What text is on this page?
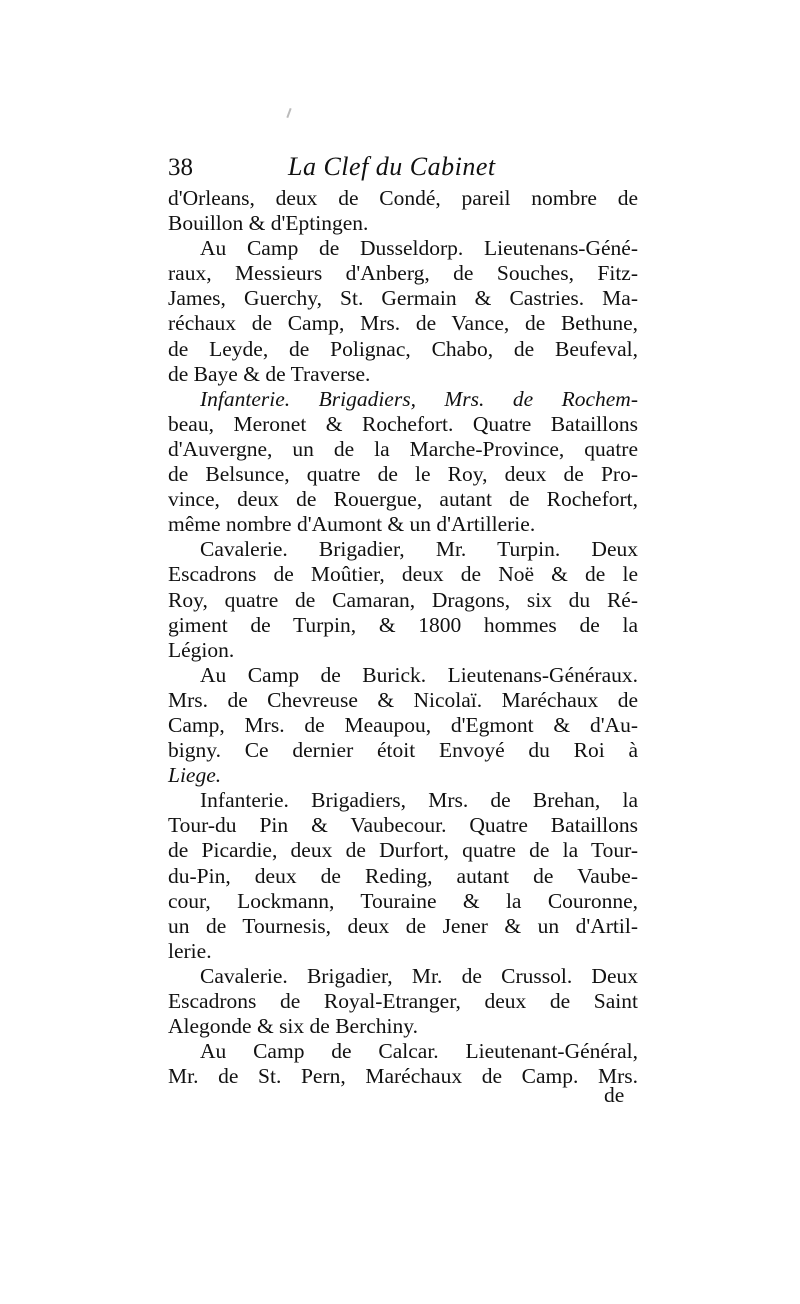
38	La Clef du Cabinet
d'Orleans, deux de Condé, pareil nombre de
Bouillon & d'Eptingen.
Au Camp de Dusseldorp. Lieutenans-Géné-
raux, Messieurs d'Anberg, de Souches, Fitz-
James, Guerchy, St. Germain & Castries. Ma-
réchaux de Camp, Mrs. de Vance, de Bethune,
de Leyde, de Polignac, Chabo, de Beufeval,
de Baye & de Traverse.
Infanterie. Brigadiers, Mrs. de Rochem-
beau, Meronet & Rochefort. Quatre Bataillons
d'Auvergne, un de la Marche-Province, quatre
de Belsunce, quatre de le Roy, deux de Pro-
vince, deux de Rouergue, autant de Rochefort,
même nombre d'Aumont & un d'Artillerie.
Cavalerie. Brigadier, Mr. Turpin. Deux
Escadrons de Moûtier, deux de Noë & de le
Roy, quatre de Camaran, Dragons, six du Ré-
giment de Turpin, & 1800 hommes de la
Légion.
Au Camp de Burick. Lieutenans-Généraux.
Mrs. de Chevreuse & Nicolaï. Maréchaux de
Camp, Mrs. de Meaupou, d'Egmont & d'Au-
bigny. Ce dernier étoit Envoyé du Roi à
Liege.
Infanterie. Brigadiers, Mrs. de Brehan, la
Tour-du Pin & Vaubecour. Quatre Bataillons
de Picardie, deux de Durfort, quatre de la Tour-
du-Pin, deux de Reding, autant de Vaube-
cour, Lockmann, Touraine & la Couronne,
un de Tournesis, deux de Jener & un d'Artil-
lerie.
Cavalerie. Brigadier, Mr. de Crussol. Deux
Escadrons de Royal-Etranger, deux de Saint
Alegonde & six de Berchiny.
Au Camp de Calcar. Lieutenant-Général,
Mr. de St. Pern, Maréchaux de Camp. Mrs.
de
